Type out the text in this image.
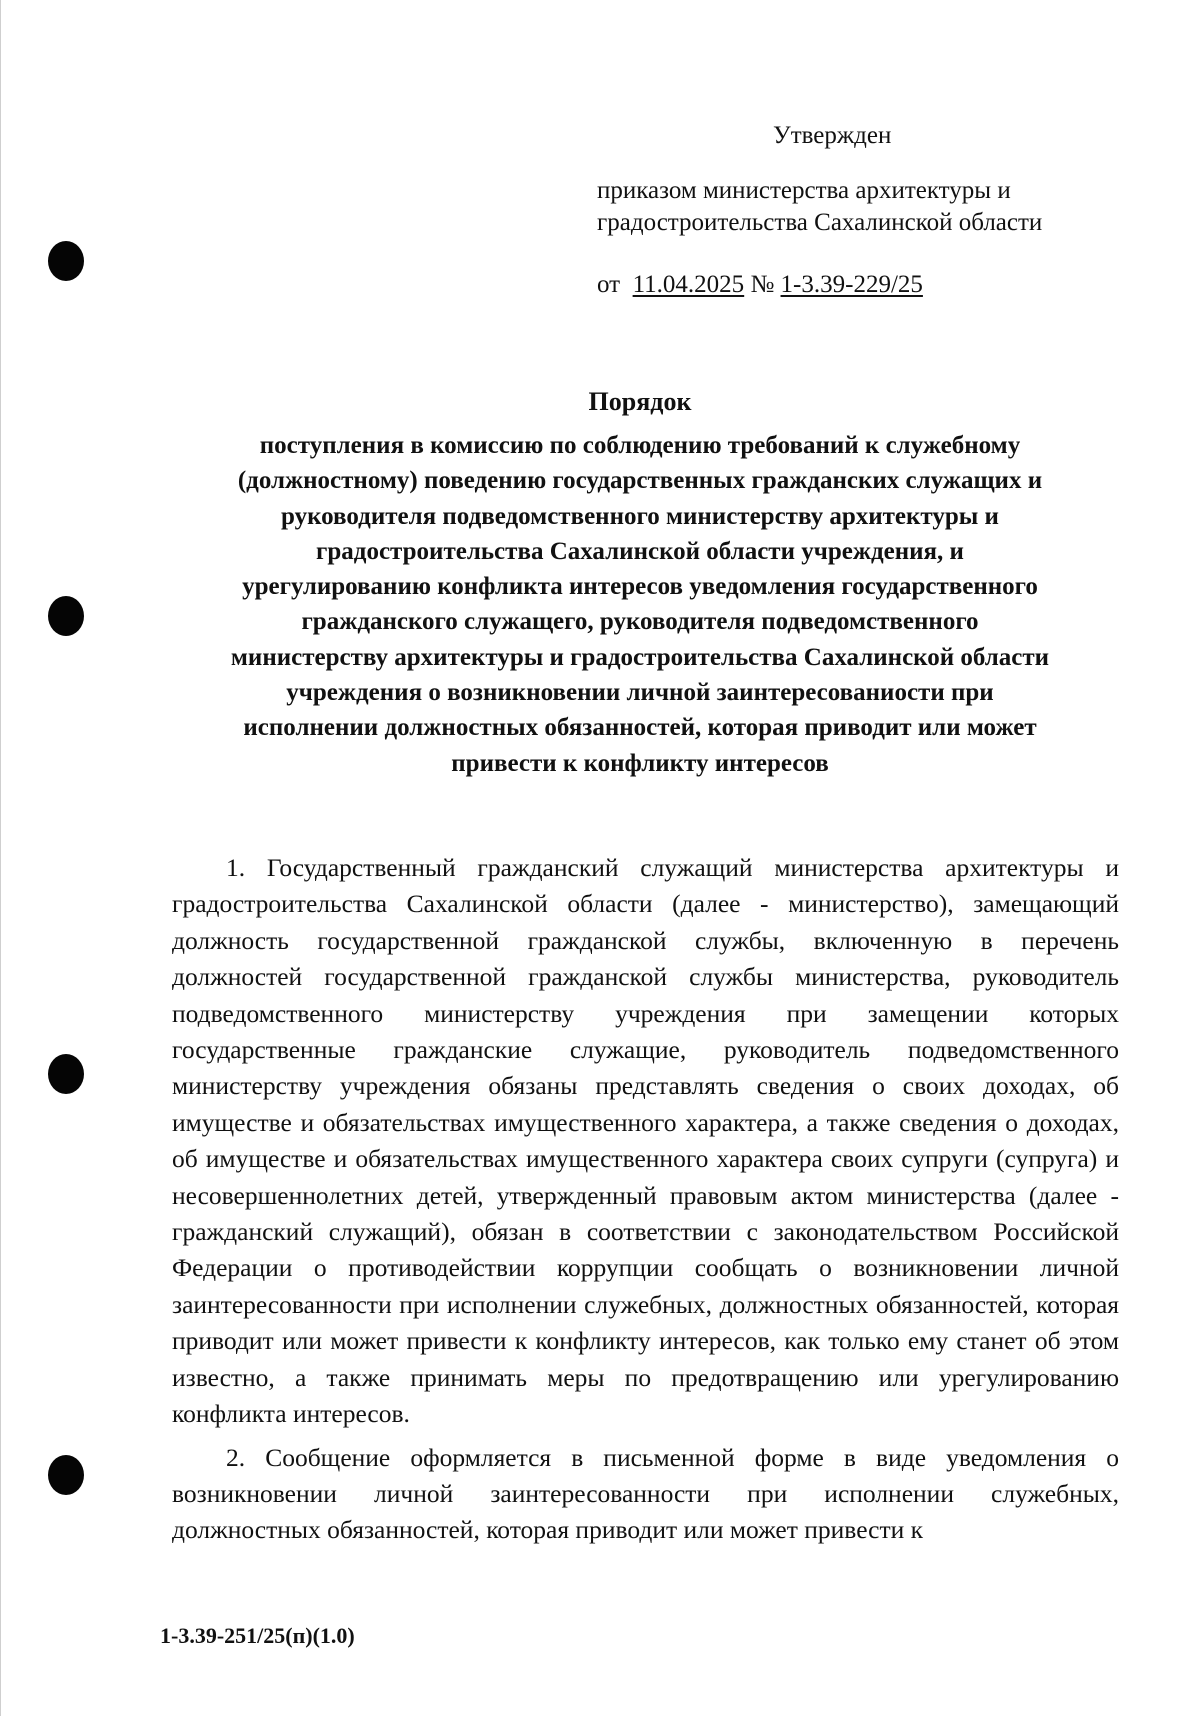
Утвержден
приказом министерства архитектуры и
градостроительства Сахалинской области
от 11.04.2025 № 1-3.39-229/25
Порядок
поступления в комиссию по соблюдению требований к служебному
(должностному) поведению государственных гражданских служащих и
руководителя подведомственного министерству архитектуры и
градостроительства Сахалинской области учреждения, и
урегулированию конфликта интересов уведомления государственного
гражданского служащего, руководителя подведомственного
министерству архитектуры и градостроительства Сахалинской области
учреждения о возникновении личной заинтересованиости при
исполнении должностных обязанностей, которая приводит или может
привести к конфликту интересов

1. Государственный гражданский служащий министерства архитектуры и градостроительства Сахалинской области (далее - министерство), замещающий должность государственной гражданской службы, включенную в перечень должностей государственной гражданской службы министерства, руководитель подведомственного министерству учреждения при замещении которых государственные гражданские служащие, руководитель подведомственного министерству учреждения обязаны представлять сведения о своих доходах, об имуществе и обязательствах имущественного характера, а также сведения о доходах, об имуществе и обязательствах имущественного характера своих супруги (супруга) и несовершеннолетних детей, утвержденный правовым актом министерства (далее - гражданский служащий), обязан в соответствии с законодательством Российской Федерации о противодействии коррупции сообщать о возникновении личной заинтересованности при исполнении служебных, должностных обязанностей, которая приводит или может привести к конфликту интересов, как только ему станет об этом известно, а также принимать меры по предотвращению или урегулированию конфликта интересов.

2. Сообщение оформляется в письменной форме в виде уведомления о возникновении личной заинтересованности при исполнении служебных, должностных обязанностей, которая приводит или может привести к

1-3.39-251/25(п)(1.0)
